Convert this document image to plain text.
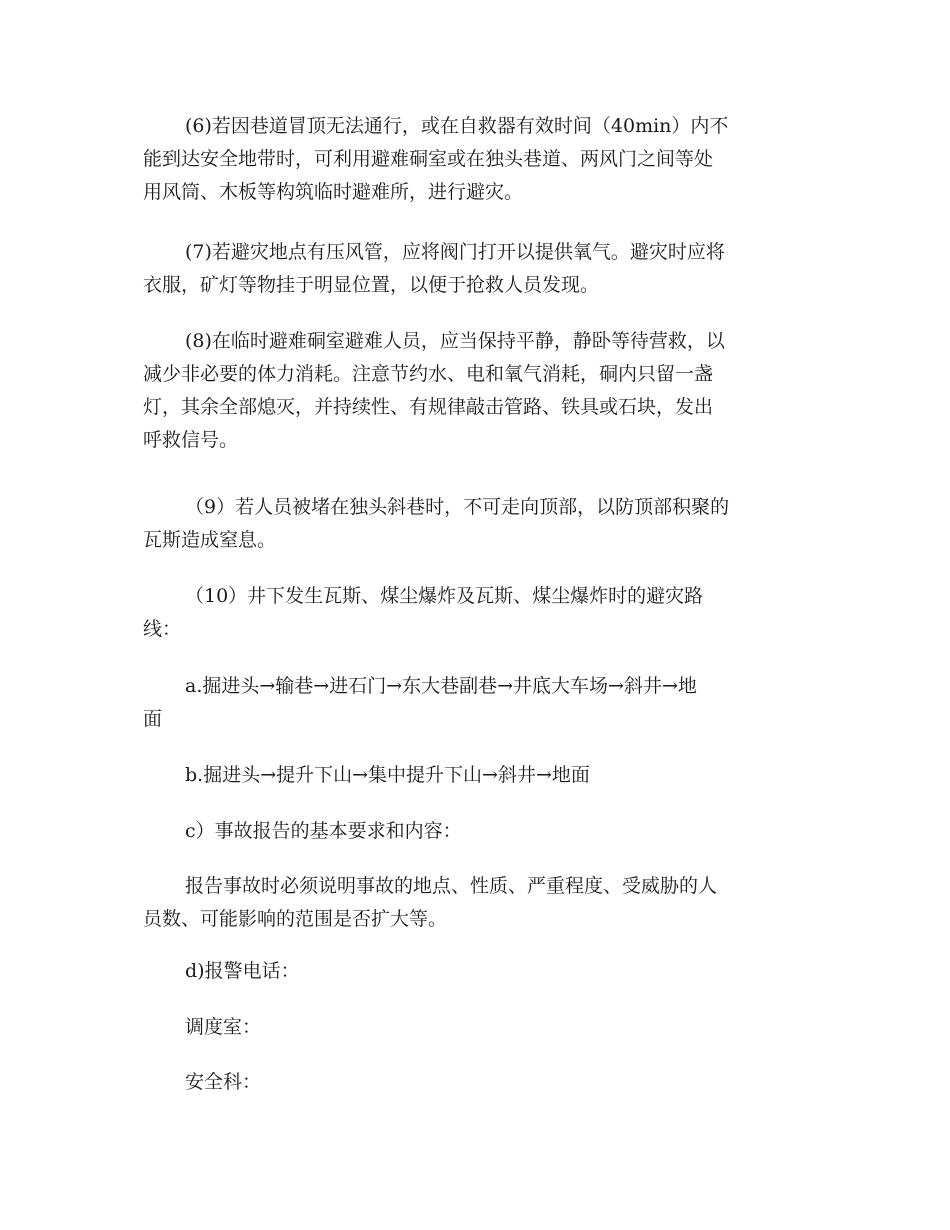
(6)若因巷道冒顶无法通行，或在自救器有效时间（40min）内不
能到达安全地带时，可利用避难硐室或在独头巷道、两风门之间等处
用风筒、木板等构筑临时避难所，进行避灾。

(7)若避灾地点有压风管，应将阀门打开以提供氧气。避灾时应将
衣服，矿灯等物挂于明显位置，以便于抢救人员发现。

(8)在临时避难硐室避难人员，应当保持平静，静卧等待营救，以
减少非必要的体力消耗。注意节约水、电和氧气消耗，硐内只留一盏
灯，其余全部熄灭，并持续性、有规律敲击管路、铁具或石块，发出
呼救信号。

（9）若人员被堵在独头斜巷时，不可走向顶部，以防顶部积聚的
瓦斯造成窒息。

（10）井下发生瓦斯、煤尘爆炸及瓦斯、煤尘爆炸时的避灾路
线：

a.掘进头→输巷→进石门→东大巷副巷→井底大车场→斜井→地
面

b.掘进头→提升下山→集中提升下山→斜井→地面

c）事故报告的基本要求和内容：

报告事故时必须说明事故的地点、性质、严重程度、受威胁的人
员数、可能影响的范围是否扩大等。

d)报警电话：

调度室：

安全科：
